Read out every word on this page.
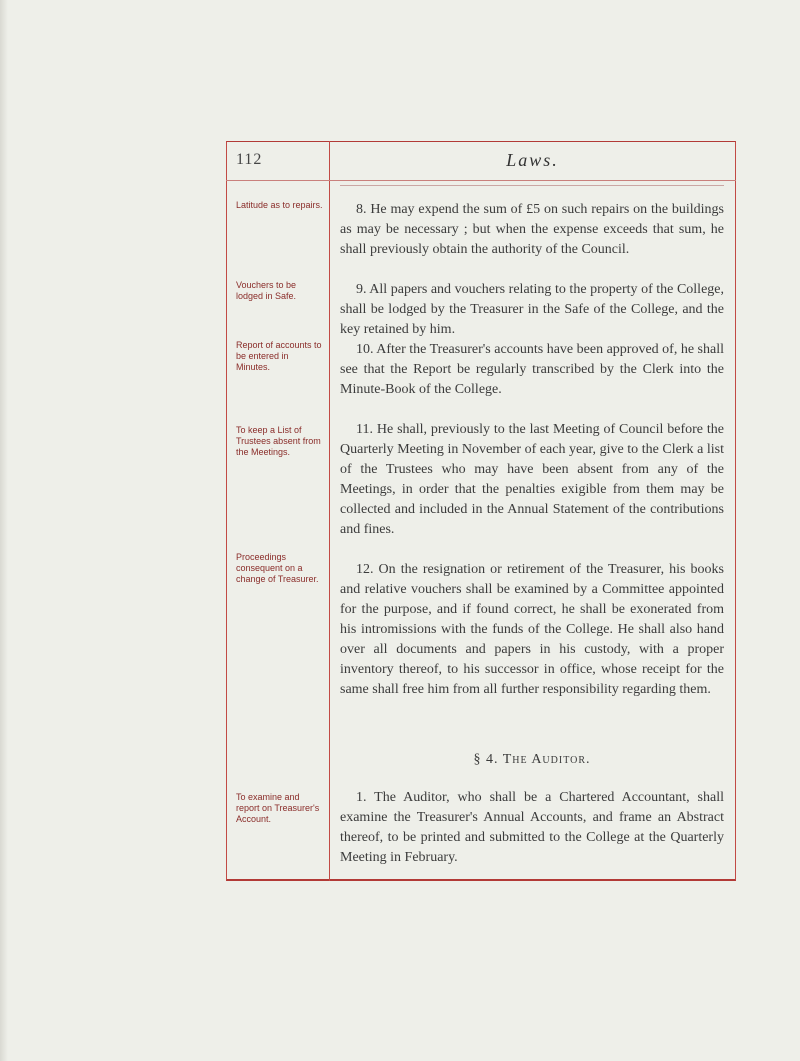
112	Laws.
Latitude as to repairs.
Vouchers to be lodged in Safe.
Report of accounts to be entered in Minutes.
To keep a List of Trustees absent from the Meetings.
Proceedings consequent on a change of Treasurer.
To examine and report on Treasurer's Account.
8. He may expend the sum of £5 on such repairs on the buildings as may be necessary ; but when the expense exceeds that sum, he shall previously obtain the authority of the Council.
9. All papers and vouchers relating to the property of the College, shall be lodged by the Treasurer in the Safe of the College, and the key retained by him.
10. After the Treasurer's accounts have been approved of, he shall see that the Report be regularly transcribed by the Clerk into the Minute-Book of the College.
11. He shall, previously to the last Meeting of Council before the Quarterly Meeting in November of each year, give to the Clerk a list of the Trustees who may have been absent from any of the Meetings, in order that the penalties exigible from them may be collected and included in the Annual Statement of the contributions and fines.
12. On the resignation or retirement of the Treasurer, his books and relative vouchers shall be examined by a Committee appointed for the purpose, and if found correct, he shall be exonerated from his intromissions with the funds of the College. He shall also hand over all documents and papers in his custody, with a proper inventory thereof, to his successor in office, whose receipt for the same shall free him from all further responsibility regarding them.
§ 4. The Auditor.
1. The Auditor, who shall be a Chartered Accountant, shall examine the Treasurer's Annual Accounts, and frame an Abstract thereof, to be printed and submitted to the College at the Quarterly Meeting in February.
